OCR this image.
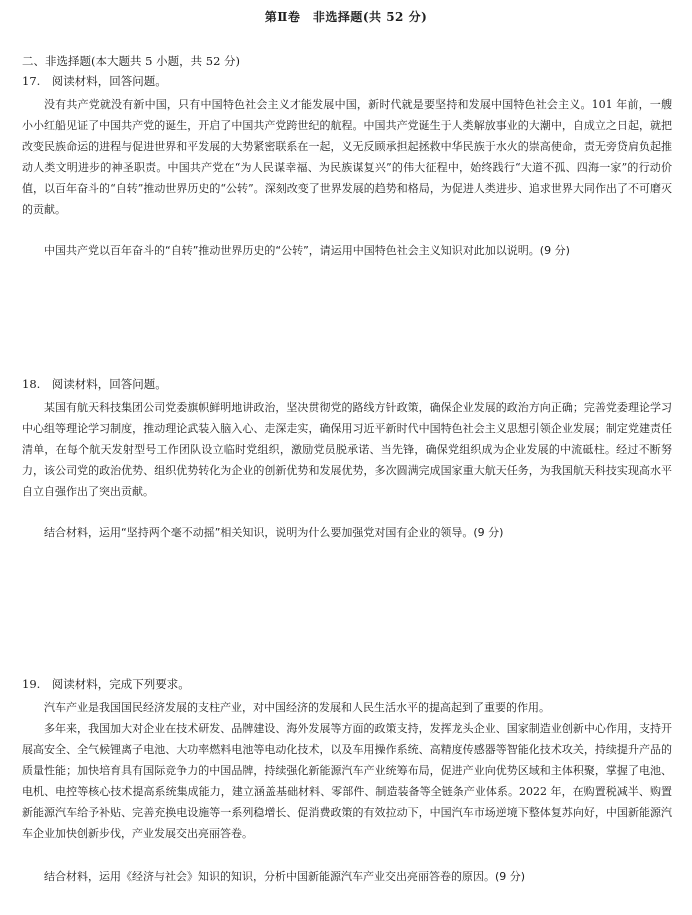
第Ⅱ卷　非选择题(共 52 分)
二、非选择题(本大题共 5 小题，共 52 分)
17.　阅读材料，回答问题。

没有共产党就没有新中国，只有中国特色社会主义才能发展中国，新时代就是要坚持和发展中国特色社会主义。101 年前，一艘小小红船见证了中国共产党的诞生，开启了中国共产党跨世纪的航程。中国共产党诞生于人类解放事业的大潮中，自成立之日起，就把改变民族命运的进程与促进世界和平发展的大势紧密联系在一起，义无反顾承担起拯救中华民族于水火的崇高使命，责无旁贷肩负起推动人类文明进步的神圣职责。中国共产党在“为人民谋幸福、为民族谋复兴”的伟大征程中，始终践行“大道不孤、四海一家”的行动价值，以百年奋斗的“自转”推动世界历史的“公转”。深刻改变了世界发展的趋势和格局，为促进人类进步、追求世界大同作出了不可磨灭的贡献。

中国共产党以百年奋斗的“自转”推动世界历史的“公转”，请运用中国特色社会主义知识对此加以说明。(9 分)

18.　阅读材料，回答问题。

某国有航天科技集团公司党委旗帜鲜明地讲政治，坚决贯彻党的路线方针政策，确保企业发展的政治方向正确；完善党委理论学习中心组等理论学习制度，推动理论武装入脑入心、走深走实，确保用习近平新时代中国特色社会主义思想引领企业发展；制定党建责任清单，在每个航天发射型号工作团队设立临时党组织，激励党员脱承诺、当先锋，确保党组织成为企业发展的中流砥柱。经过不断努力，该公司党的政治优势、组织优势转化为企业的创新优势和发展优势，多次圆满完成国家重大航天任务，为我国航天科技实现高水平自立自强作出了突出贡献。

结合材料，运用“坚持两个毫不动摇”相关知识，说明为什么要加强党对国有企业的领导。(9 分)

19.　阅读材料，完成下列要求。

汽车产业是我国国民经济发展的支柱产业，对中国经济的发展和人民生活水平的提高起到了重要的作用。

多年来，我国加大对企业在技术研发、品牌建设、海外发展等方面的政策支持，发挥龙头企业、国家制造业创新中心作用，支持开展高安全、全气候锂离子电池、大功率燃料电池等电动化技术，以及车用操作系统、高精度传感器等智能化技术攻关，持续提升产品的质量性能；加快培育具有国际竞争力的中国品牌，持续强化新能源汽车产业统筹布局，促进产业向优势区域和主体积聚，掌握了电池、电机、电控等核心技术提高系统集成能力，建立涵盖基础材料、零部件、制造装备等全链条产业体系。2022 年，在购置税减半、购置新能源汽车给予补贴、完善充换电设施等一系列稳增长、促消费政策的有效拉动下，中国汽车市场逆境下整体复苏向好，中国新能源汽车企业加快创新步伐，产业发展交出亮丽答卷。

结合材料，运用《经济与社会》知识的知识，分析中国新能源汽车产业交出亮丽答卷的原因。(9 分)
